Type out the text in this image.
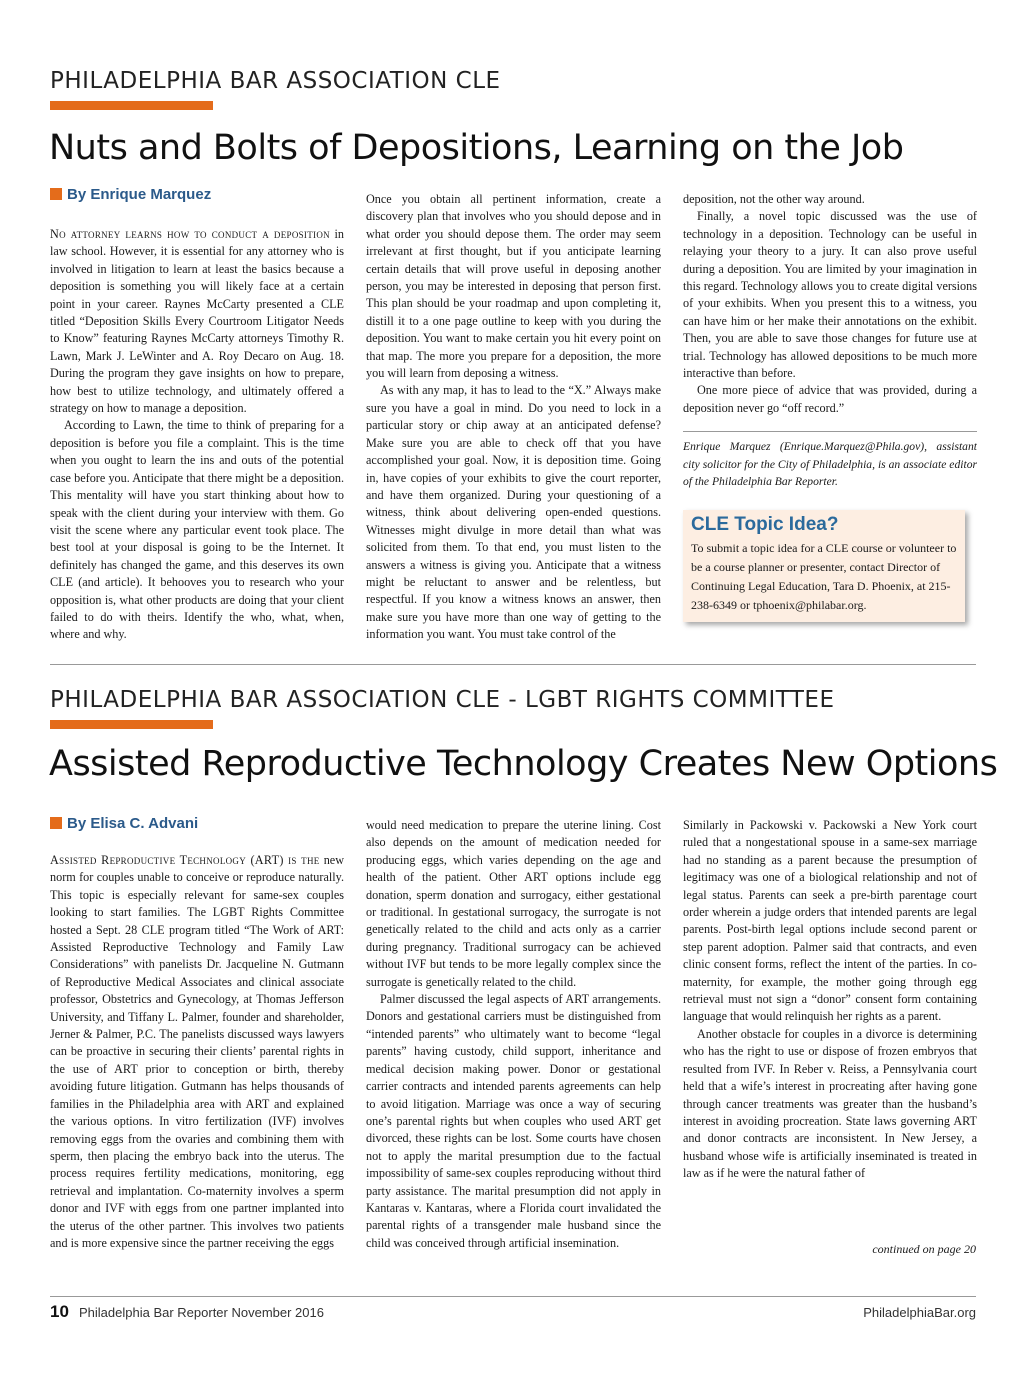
PHILADELPHIA BAR ASSOCIATION CLE
Nuts and Bolts of Depositions, Learning on the Job
By Enrique Marquez

No attorney learns how to conduct a deposition in law school. However, it is essential for any attorney who is involved in litigation to learn at least the basics because a deposition is something you will likely face at a certain point in your career. Raynes McCarty presented a CLE titled “Deposition Skills Every Courtroom Litigator Needs to Know” featuring Raynes McCarty attorneys Timothy R. Lawn, Mark J. LeWinter and A. Roy Decaro on Aug. 18. During the program they gave insights on how to prepare, how best to utilize technology, and ultimately offered a strategy on how to manage a deposition.

According to Lawn, the time to think of preparing for a deposition is before you file a complaint. This is the time when you ought to learn the ins and outs of the potential case before you. Anticipate that there might be a deposition. This mentality will have you start thinking about how to speak with the client during your interview with them. Go visit the scene where any particular event took place. The best tool at your disposal is going to be the Internet. It definitely has changed the game, and this deserves its own CLE (and article). It behooves you to research who your opposition is, what other products are doing that your client failed to do with theirs. Identify the who, what, when, where and why.

Once you obtain all pertinent information, create a discovery plan that involves who you should depose and in what order you should depose them. The order may seem irrelevant at first thought, but if you anticipate learning certain details that will prove useful in deposing another person, you may be interested in deposing that person first. This plan should be your roadmap and upon completing it, distill it to a one page outline to keep with you during the deposition. You want to make certain you hit every point on that map. The more you prepare for a deposition, the more you will learn from deposing a witness.

As with any map, it has to lead to the “X.” Always make sure you have a goal in mind. Do you need to lock in a particular story or chip away at an anticipated defense? Make sure you are able to check off that you have accomplished your goal. Now, it is deposition time. Going in, have copies of your exhibits to give the court reporter, and have them organized. During your questioning of a witness, think about delivering open-ended questions. Witnesses might divulge in more detail than what was solicited from them. To that end, you must listen to the answers a witness is giving you. Anticipate that a witness might be reluctant to answer and be relentless, but respectful. If you know a witness knows an answer, then make sure you have more than one way of getting to the information you want. You must take control of the

deposition, not the other way around.

Finally, a novel topic discussed was the use of technology in a deposition. Technology can be useful in relaying your theory to a jury. It can also prove useful during a deposition. You are limited by your imagination in this regard. Technology allows you to create digital versions of your exhibits. When you present this to a witness, you can have him or her make their annotations on the exhibit. Then, you are able to save those changes for future use at trial. Technology has allowed depositions to be much more interactive than before.

One more piece of advice that was provided, during a deposition never go “off record.”

Enrique Marquez (Enrique.Marquez@Phila.gov), assistant city solicitor for the City of Philadelphia, is an associate editor of the Philadelphia Bar Reporter.

CLE Topic Idea?
To submit a topic idea for a CLE course or volunteer to be a course planner or presenter, contact Director of Continuing Legal Education, Tara D. Phoenix, at 215-238-6349 or tphoenix@philabar.org.
PHILADELPHIA BAR ASSOCIATION CLE - LGBT RIGHTS COMMITTEE
Assisted Reproductive Technology Creates New Options
By Elisa C. Advani

Assisted Reproductive Technology (ART) is the new norm for couples unable to conceive or reproduce naturally. This topic is especially relevant for same-sex couples looking to start families. The LGBT Rights Committee hosted a Sept. 28 CLE program titled “The Work of ART: Assisted Reproductive Technology and Family Law Considerations” with panelists Dr. Jacqueline N. Gutmann of Reproductive Medical Associates and clinical associate professor, Obstetrics and Gynecology, at Thomas Jefferson University, and Tiffany L. Palmer, founder and shareholder, Jerner & Palmer, P.C. The panelists discussed ways lawyers can be proactive in securing their clients’ parental rights in the use of ART prior to conception or birth, thereby avoiding future litigation. Gutmann has helps thousands of families in the Philadelphia area with ART and explained the various options. In vitro fertilization (IVF) involves removing eggs from the ovaries and combining them with sperm, then placing the embryo back into the uterus. The process requires fertility medications, monitoring, egg retrieval and implantation. Co-maternity involves a sperm donor and IVF with eggs from one partner implanted into the uterus of the other partner. This involves two patients and is more expensive since the partner receiving the eggs

would need medication to prepare the uterine lining. Cost also depends on the amount of medication needed for producing eggs, which varies depending on the age and health of the patient. Other ART options include egg donation, sperm donation and surrogacy, either gestational or traditional. In gestational surrogacy, the surrogate is not genetically related to the child and acts only as a carrier during pregnancy. Traditional surrogacy can be achieved without IVF but tends to be more legally complex since the surrogate is genetically related to the child.

Palmer discussed the legal aspects of ART arrangements. Donors and gestational carriers must be distinguished from “intended parents” who ultimately want to become “legal parents” having custody, child support, inheritance and medical decision making power. Donor or gestational carrier contracts and intended parents agreements can help to avoid litigation. Marriage was once a way of securing one’s parental rights but when couples who used ART get divorced, these rights can be lost. Some courts have chosen not to apply the marital presumption due to the factual impossibility of same-sex couples reproducing without third party assistance. The marital presumption did not apply in Kantaras v. Kantaras, where a Florida court invalidated the parental rights of a transgender male husband since the child was conceived through artificial insemination.

Similarly in Packowski v. Packowski a New York court ruled that a nongestational spouse in a same-sex marriage had no standing as a parent because the presumption of legitimacy was one of a biological relationship and not of legal status. Parents can seek a pre-birth parentage court order wherein a judge orders that intended parents are legal parents. Post-birth legal options include second parent or step parent adoption. Palmer said that contracts, and even clinic consent forms, reflect the intent of the parties. In co-maternity, for example, the mother going through egg retrieval must not sign a “donor” consent form containing language that would relinquish her rights as a parent.

Another obstacle for couples in a divorce is determining who has the right to use or dispose of frozen embryos that resulted from IVF. In Reber v. Reiss, a Pennsylvania court held that a wife’s interest in procreating after having gone through cancer treatments was greater than the husband’s interest in avoiding procreation. State laws governing ART and donor contracts are inconsistent. In New Jersey, a husband whose wife is artificially inseminated is treated in law as if he were the natural father of

continued on page 20
10 Philadelphia Bar Reporter November 2016	PhiladelphiaBar.org
